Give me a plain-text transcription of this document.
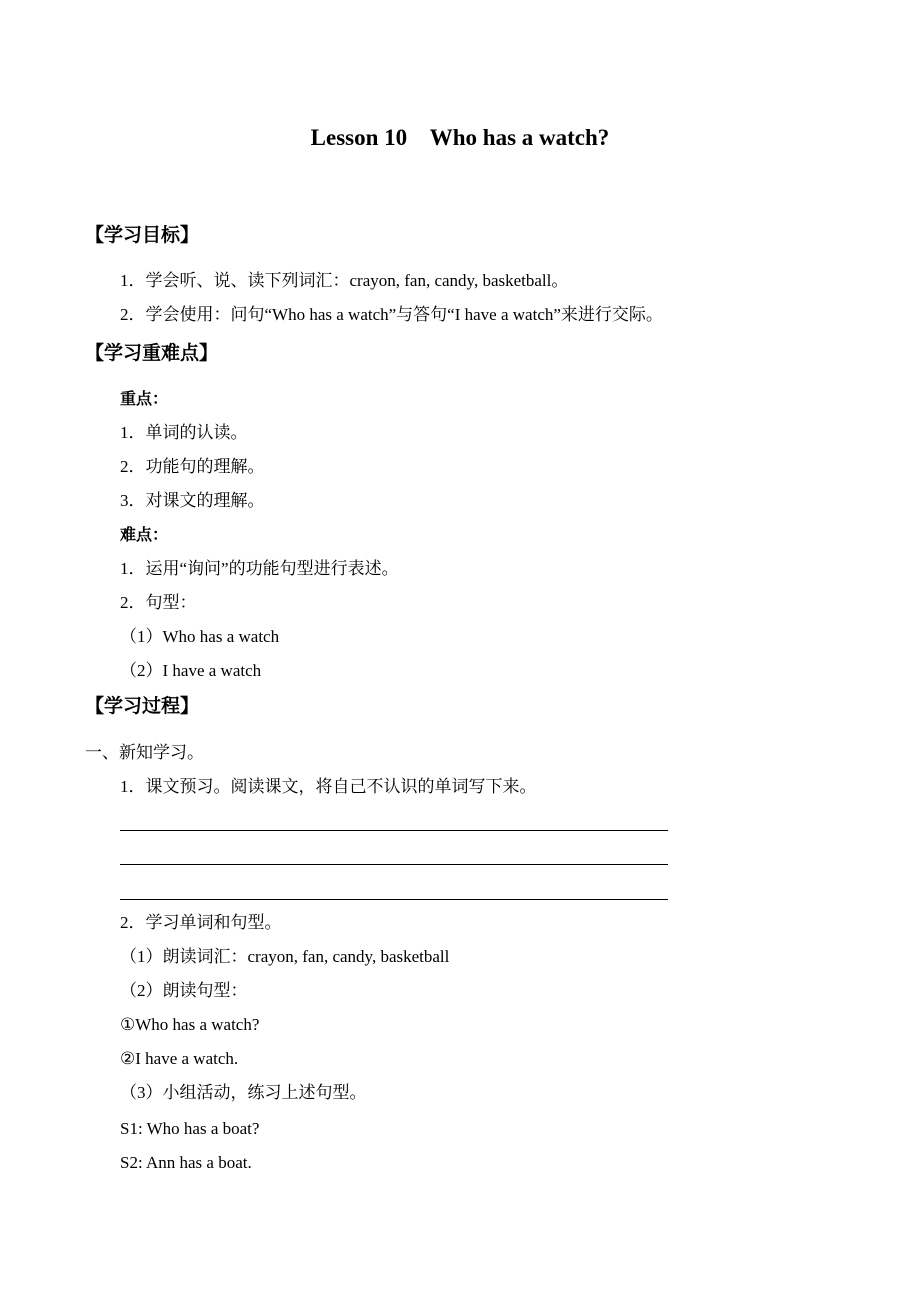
Lesson 10    Who has a watch?
【学习目标】
1．学会听、说、读下列词汇：crayon, fan, candy, basketball。
2．学会使用：问句“Who has a watch”与答句“I have a watch”来进行交际。
【学习重难点】
重点：
1．单词的认读。
2．功能句的理解。
3．对课文的理解。
难点：
1．运用“询问”的功能句型进行表述。
2．句型：
（1）Who has a watch
（2）I have a watch
【学习过程】
一、新知学习。
1．课文预习。阅读课文，将自己不认识的单词写下来。
2．学习单词和句型。
（1）朗读词汇：crayon, fan, candy, basketball
（2）朗读句型：
①Who has a watch?
②I have a watch.
（3）小组活动，练习上述句型。
S1: Who has a boat?
S2: Ann has a boat.
